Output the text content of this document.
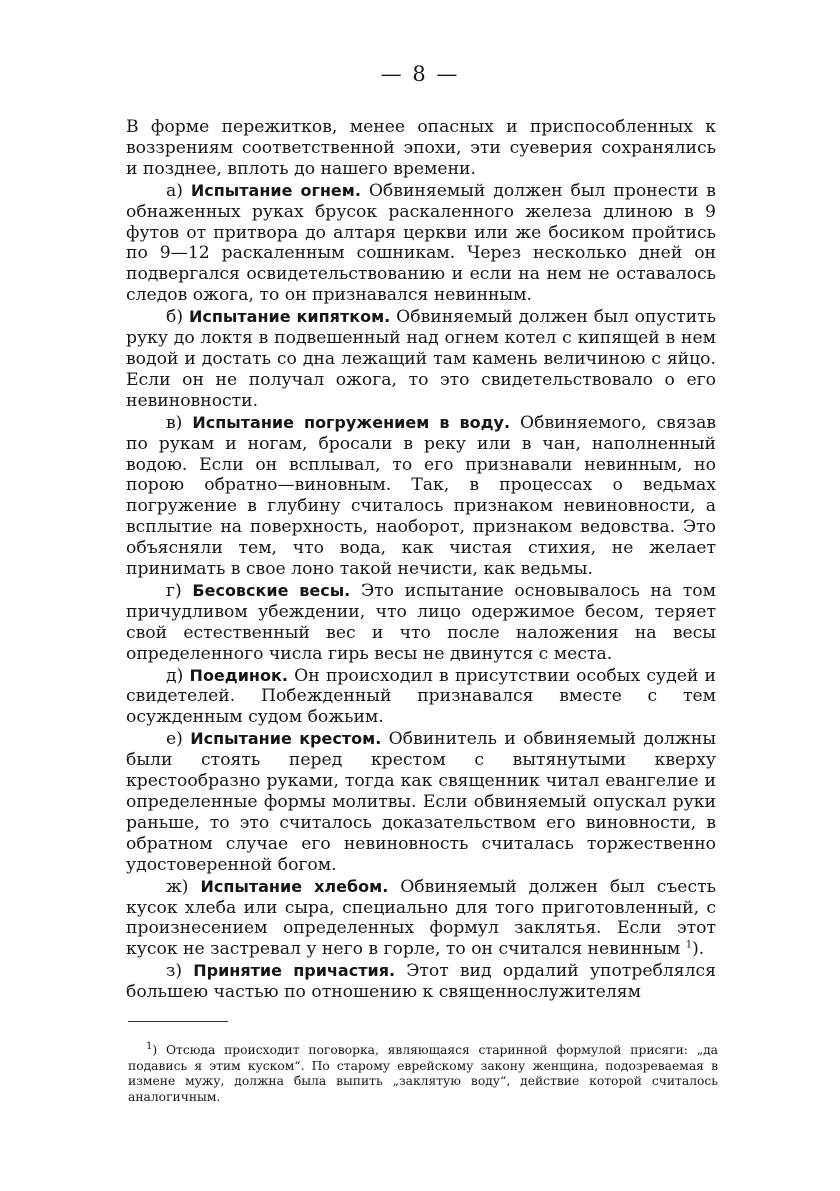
— 8 —

В форме пережитков, менее опасных и приспособленных к воззрениям соответственной эпохи, эти суеверия сохранялись и позднее, вплоть до нашего времени.

а) Испытание огнем. Обвиняемый должен был пронести в обнаженных руках брусок раскаленного железа длиною в 9 футов от притвора до алтаря церкви или же босиком пройтись по 9—12 раскаленным сошникам. Через несколько дней он подвергался освидетельствованию и если на нем не оставалось следов ожога, то он признавался невинным.

б) Испытание кипятком. Обвиняемый должен был опустить руку до локтя в подвешенный над огнем котел с кипящей в нем водой и достать со дна лежащий там камень величиною с яйцо. Если он не получал ожога, то это свидетельствовало о его невиновности.

в) Испытание погружением в воду. Обвиняемого, связав по рукам и ногам, бросали в реку или в чан, наполненный водою. Если он всплывал, то его признавали невинным, но порою обратно—виновным. Так, в процессах о ведьмах погружение в глубину считалось признаком невиновности, а всплытие на поверхность, наоборот, признаком ведовства. Это объясняли тем, что вода, как чистая стихия, не желает принимать в свое лоно такой нечисти, как ведьмы.

г) Бесовские весы. Это испытание основывалось на том причудливом убеждении, что лицо одержимое бесом, теряет свой естественный вес и что после наложения на весы определенного числа гирь весы не двинутся с места.

д) Поединок. Он происходил в присутствии особых судей и свидетелей. Побежденный признавался вместе с тем осужденным судом божьим.

е) Испытание крестом. Обвинитель и обвиняемый должны были стоять перед крестом с вытянутыми кверху крестообразно руками, тогда как священник читал евангелие и определенные формы молитвы. Если обвиняемый опускал руки раньше, то это считалось доказательством его виновности, в обратном случае его невиновность считалась торжественно удостоверенной богом.

ж) Испытание хлебом. Обвиняемый должен был съесть кусок хлеба или сыра, специально для того приготовленный, с произнесением определенных формул заклятья. Если этот кусок не застревал у него в горле, то он считался невинным $^1$).

з) Принятие причастия. Этот вид ордалий употреблялся большею частью по отношению к священнослужителям

$^1$) Отсюда происходит поговорка, являющаяся старинной формулой присяги: „да подавись я этим куском“. По старому еврейскому закону женщина, подозреваемая в измене мужу, должна была выпить „заклятую воду“, действие которой считалось аналогичным.
